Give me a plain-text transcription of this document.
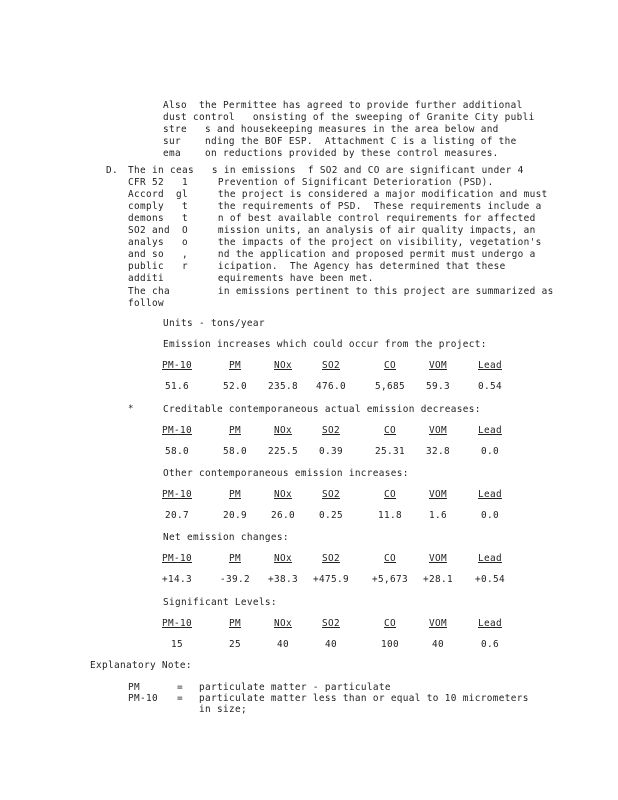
Also  the Permittee has agreed to provide further additional

dust control   onsisting of the sweeping of Granite City publi

stre   s and housekeeping measures in the area below and

sur    nding the BOF ESP.  Attachment C is a listing of the

ema    on reductions provided by these control measures.

D. The in ceas   s in emissions  f SO2 and CO are significant under 4

CFR 52   1     Prevention of Significant Deterioration (PSD).

Accord  gl     the project is considered a major modification and must

comply   t     the requirements of PSD.  These requirements include a

demons   t     n of best available control requirements for affected

SO2 and  O     mission units, an analysis of air quality impacts, an

analys   o     the impacts of the project on visibility, vegetation's

and so   ,     nd the application and proposed permit must undergo a

public   r     icipation.  The Agency has determined that these

additi         equirements have been met.

The cha        in emissions pertinent to this project are summarized as

follow

Units - tons/year

*

Emission increases which could occur from the project:

PM-10	PM	NOx	SO2	CO	VOM	Lead
51.6	52.0	235.8	476.0	5,685	59.3	0.54

Creditable contemporaneous actual emission decreases:

PM-10	PM	NOx	SO2	CO	VOM	Lead
58.0	58.0	225.5	0.39	25.31	32.8	0.0

Other contemporaneous emission increases:

PM-10	PM	NOx	SO2	CO	VOM	Lead
20.7	20.9	26.0	0.25	11.8	1.6	0.0

Net emission changes:

PM-10	PM	NOx	SO2	CO	VOM	Lead
+14.3	-39.2	+38.3	+475.9	+5,673	+28.1	+0.54

Significant Levels:

PM-10	PM	NOx	SO2	CO	VOM	Lead
15	25	40	40	100	40	0.6

Explanatory Note:

PM	= particulate matter - particulate

PM-10 = particulate matter less than or equal to 10 micrometers

in size;
